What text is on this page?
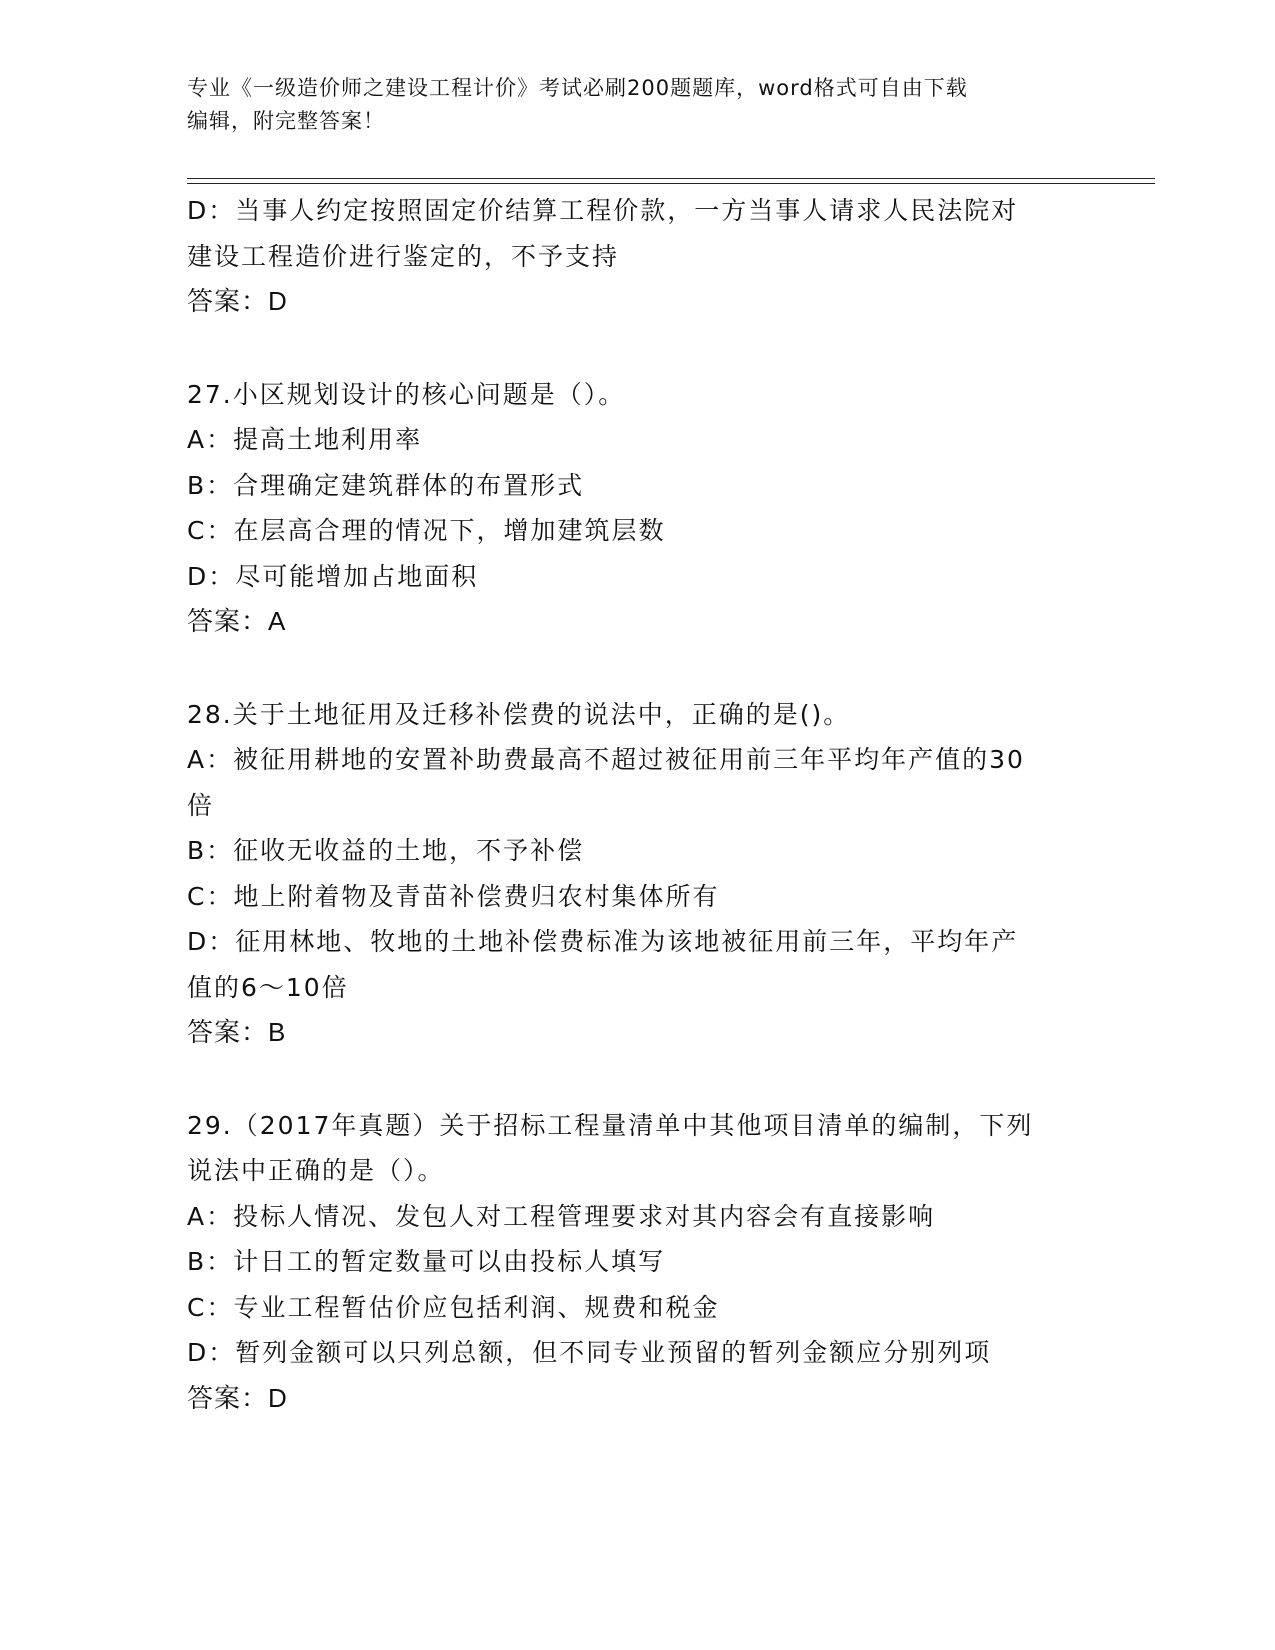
专业《一级造价师之建设工程计价》考试必刷200题题库，word格式可自由下载
编辑，附完整答案！
D：当事人约定按照固定价结算工程价款，一方当事人请求人民法院对
建设工程造价进行鉴定的，不予支持
答案：D
27.小区规划设计的核心问题是（）。
A：提高土地利用率
B：合理确定建筑群体的布置形式
C：在层高合理的情况下，增加建筑层数
D：尽可能增加占地面积
答案：A
28.关于土地征用及迁移补偿费的说法中，正确的是()。
A：被征用耕地的安置补助费最高不超过被征用前三年平均年产值的30
倍
B：征收无收益的土地，不予补偿
C：地上附着物及青苗补偿费归农村集体所有
D：征用林地、牧地的土地补偿费标准为该地被征用前三年，平均年产
值的6～10倍
答案：B
29.（2017年真题）关于招标工程量清单中其他项目清单的编制，下列
说法中正确的是（）。
A：投标人情况、发包人对工程管理要求对其内容会有直接影响
B：计日工的暂定数量可以由投标人填写
C：专业工程暂估价应包括利润、规费和税金
D：暂列金额可以只列总额，但不同专业预留的暂列金额应分别列项
答案：D
